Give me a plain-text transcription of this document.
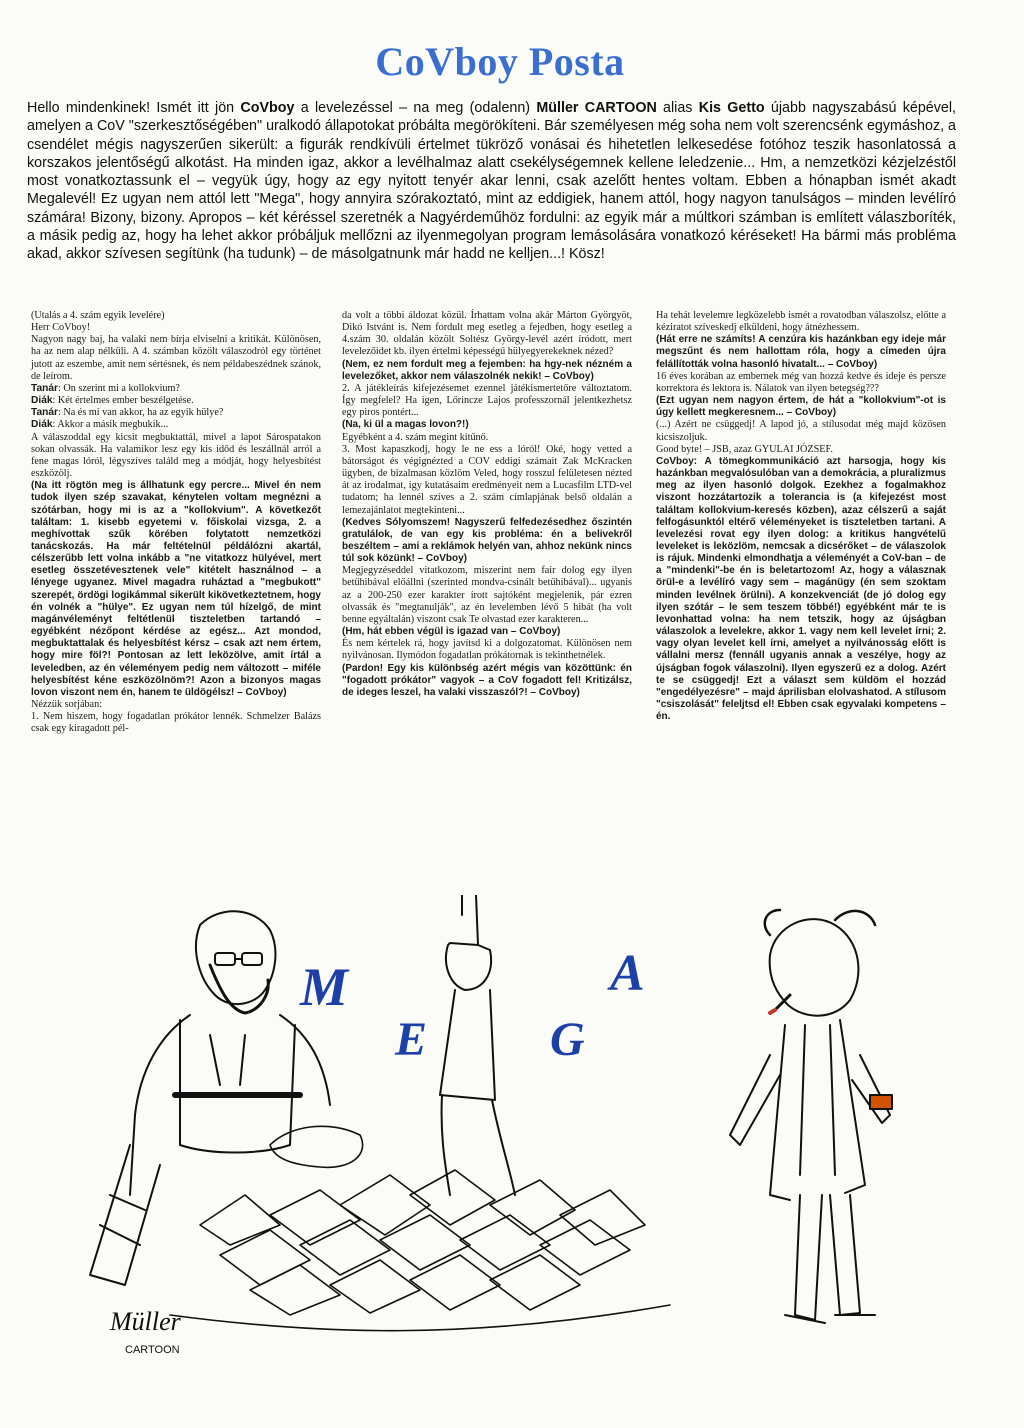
CoVboy Posta
Hello mindenkinek! Ismét itt jön CoVboy a levelezéssel – na meg (odalenn) Müller CARTOON alias Kis Getto újabb nagyszabású képével, amelyen a CoV "szerkesztőségében" uralkodó állapotokat próbálta megörökíteni. Bár személyesen még soha nem volt szerencsénk egymáshoz, a csendélet mégis nagyszerűen sikerült: a figurák rendkívüli értelmet tükröző vonásai és hihetetlen lelkesedése fotóhoz teszik hasonlatossá a korszakos jelentőségű alkotást. Ha minden igaz, akkor a levélhalmaz alatt csekélységemnek kellene leledzenie... Hm, a nemzetközi kézjelzéstől most vonatkoztassunk el – vegyük úgy, hogy az egy nyitott tenyér akar lenni, csak azelőtt hentes voltam. Ebben a hónapban ismét akadt Megalevél! Ez ugyan nem attól lett "Mega", hogy annyira szórakoztató, mint az eddigiek, hanem attól, hogy nagyon tanulságos – minden levélíró számára! Bizony, bizony. Apropos – két kéréssel szeretnék a Nagyérdeműhöz fordulni: az egyik már a múltkori számban is említett válaszboríték, a másik pedig az, hogy ha lehet akkor próbáljuk mellőzni az ilyenmegolyan program lemásolására vonatkozó kéréseket! Ha bármi más probléma akad, akkor szívesen segítünk (ha tudunk) – de másolgatnunk már hadd ne kelljen...! Kösz!

(Utalás a 4. szám egyik levelére)

Herr CoVboy!

Nagyon nagy baj, ha valaki nem bírja elviselni a kritikát. Különösen, ha az nem alap nélküli. A 4. számban közölt válaszodról egy történet jutott az eszembe, amit nem sértésnek, és nem példabeszédnek szánok, de leírom.

Tanár: On szerint mi a kollokvium?

Diák: Két értelmes ember beszélgetése.

Tanár: Na és mi van akkor, ha az egyik hülye?

Diák: Akkor a másik megbukik...

A válaszoddal egy kicsit megbuktattál, mivel a lapot Sárospatakon sokan olvassák. Ha valamikor lesz egy kis időd és leszállnál arról a fene magas lóról, légyszíves találd meg a módját, hogy helyesbítést eszközölj.

(Na itt rögtön meg is állhatunk egy percre... Mivel én nem tudok ilyen szép szavakat, kénytelen voltam megnézni a szótárban, hogy mi is az a "kollokvium". A következőt találtam: 1. kisebb egyetemi v. főiskolai vizsga, 2. a meghívottak szűk körében folytatott nemzetközi tanácskozás. Ha már feltételnül példálózni akartál, célszerűbb lett volna inkább a "ne vitatkozz hülyével, mert esetleg összetévesztenek vele" kitételt használnod – a lényege ugyanez. Mivel magadra ruháztad a "megbukott" szerepét, ördögi logikámmal sikerült kikövetkeztetnem, hogy én volnék a "hülye". Ez ugyan nem túl hízelgő, de mint magánvéleményt feltétlenül tiszteletben tartandó – egyébként nézőpont kérdése az egész... Azt mondod, megbuktattalak és helyesbítést kérsz – csak azt nem értem, hogy mire föl?! Pontosan az lett leközölve, amit írtál a leveledben, az én véleményem pedig nem változott – miféle helyesbítést kéne eszközölnöm?! Azon a bizonyos magas lovon viszont nem én, hanem te üldögélsz! – CoVboy)

Nézzük sorjában:

1. Nem hiszem, hogy fogadatlan prókátor lennék. Schmelzer Balázs csak egy kiragadott pél-

da volt a többi áldozat közül. Írhattam volna akár Márton Györgyöt, Dikó Istvánt is. Nem fordult meg esetleg a fejedben, hogy esetleg a 4.szám 30. oldalán közölt Soltész György-levél azért íródott, mert levelezőidet kb. ilyen értelmi képességű hülyegyerekeknek nézed?

(Nem, ez nem fordult meg a fejemben: ha hgy-nek nézném a levelezőket, akkor nem válaszolnék nekik! – CoVboy)

2. A játékleírás kifejezésemet ezennel játékismertetőre változtatom. Így megfelel? Ha igen, Lőrincze Lajos professzornál jelentkezhetsz egy piros pontért...

(Na, ki ül a magas lovon?!)

Egyébként a 4. szám megint kitűnő.

3. Most kapaszkodj, hogy le ne ess a lóról! Oké, hogy vetted a bátorságot és végignézted a COV eddigi számait Zak McKracken ügyben, de bizalmasan közlöm Veled, hogy rosszul felületesen nézted át az irodalmat, így kutatásaim eredményeit nem a Lucasfilm LTD-vel tudatom; ha lennél szíves a 2. szám címlapjának belső oldalán a lemezajánlatot megtekinteni...

(Kedves Sólyomszem! Nagyszerű felfedezésedhez őszintén gratulálok, de van egy kis probléma: én a belivekről beszéltem – ami a reklámok helyén van, ahhoz nekünk nincs túl sok közünk! – CoVboy)

Megjegyzéseddel vitatkozom, miszerint nem fair dolog egy ilyen betűhibával előállni (szerinted mondva-csinált betűhibával)... ugyanis az a 200-250 ezer karakter írott sajtóként megjelenik, pár ezren olvassák és "megtanulják", az én levelemben lévő 5 hibát (ha volt benne egyáltalán) viszont csak Te olvastad ezer karakteren...

(Hm, hát ebben végül is igazad van – CoVboy)

És nem kértelek rá, hogy javítsd ki a dolgozatomat. Különösen nem nyilvánosan. Ilymódon fogadatlan prókátornak is tekinthetnélek.

(Pardon! Egy kis különbség azért mégis van közöttünk: én "fogadott prókátor" vagyok – a CoV fogadott fel! Kritizálsz, de ideges leszel, ha valaki visszaszól?! – CoVboy)

Ha tehát levelemre legközelebb ismét a rovatodban válaszolsz, előtte a kéziratot szíveskedj elküldeni, hogy átnézhessem.

(Hát erre ne számíts! A cenzúra kis hazánkban egy ideje már megszűnt és nem hallottam róla, hogy a címeden újra felállították volna hasonló hivatalt... – CoVboy)

16 éves korában az embernek még van hozzá kedve és ideje és persze korrektora és lektora is. Nálatok van ilyen betegség???

(Ezt ugyan nem nagyon értem, de hát a "kollokvium"-ot is úgy kellett megkeresnem... – CoVboy)

(...) Azért ne csüggedj! A lapod jó, a stílusodat még majd közösen kicsiszoljuk.

Good byte! – JSB, azaz GYULAI JÓZSEF.

CoVboy: A tömegkommunikáció azt harsogja, hogy kis hazánkban megvalósulóban van a demokrácia, a pluralizmus meg az ilyen hasonló dolgok. Ezekhez a fogalmakhoz viszont hozzátartozik a tolerancia is (a kifejezést most találtam kollokvium-keresés közben), azaz célszerű a saját felfogásunktól eltérő véleményeket is tiszteletben tartani. A levelezési rovat egy ilyen dolog: a kritikus hangvételű leveleket is leközlöm, nemcsak a dicsérőket – de válaszolok is rájuk. Mindenki elmondhatja a véleményét a CoV-ban – de a "mindenki"-be én is beletartozom! Az, hogy a válasznak örül-e a levélíró vagy sem – magánügy (én sem szoktam minden levélnek örülni). A konzekvenciát (de jó dolog egy ilyen szótár – le sem teszem többé!) egyébként már te is levonhattad volna: ha nem tetszik, hogy az újságban válaszolok a levelekre, akkor 1. vagy nem kell levelet írni; 2. vagy olyan levelet kell írni, amelyet a nyilvánosság előtt is vállalni mersz (fennáll ugyanis annak a veszélye, hogy az újságban fogok válaszolni). Ilyen egyszerű ez a dolog. Azért te se csüggedj! Ezt a választ sem küldöm el hozzád "engedélyezésre" – majd áprilisban elolvashatod. A stílusom "csiszolását" feleljtsd el! Ebben csak egyvalaki kompetens – én.

M
E	G
A
Müller
CARTOON
